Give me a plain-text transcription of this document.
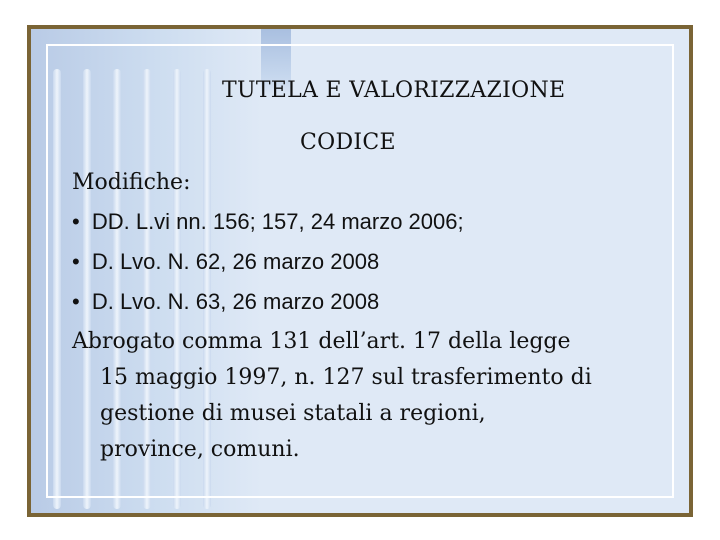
TUTELA E VALORIZZAZIONE
CODICE
Modifiche:
• DD. L.vi nn. 156; 157, 24 marzo 2006;
• D. Lvo. N. 62, 26 marzo 2008
• D. Lvo. N. 63, 26 marzo 2008
Abrogato comma 131 dell’art. 17 della legge
15 maggio 1997, n. 127 sul trasferimento di
gestione di musei statali a regioni,
province, comuni.
